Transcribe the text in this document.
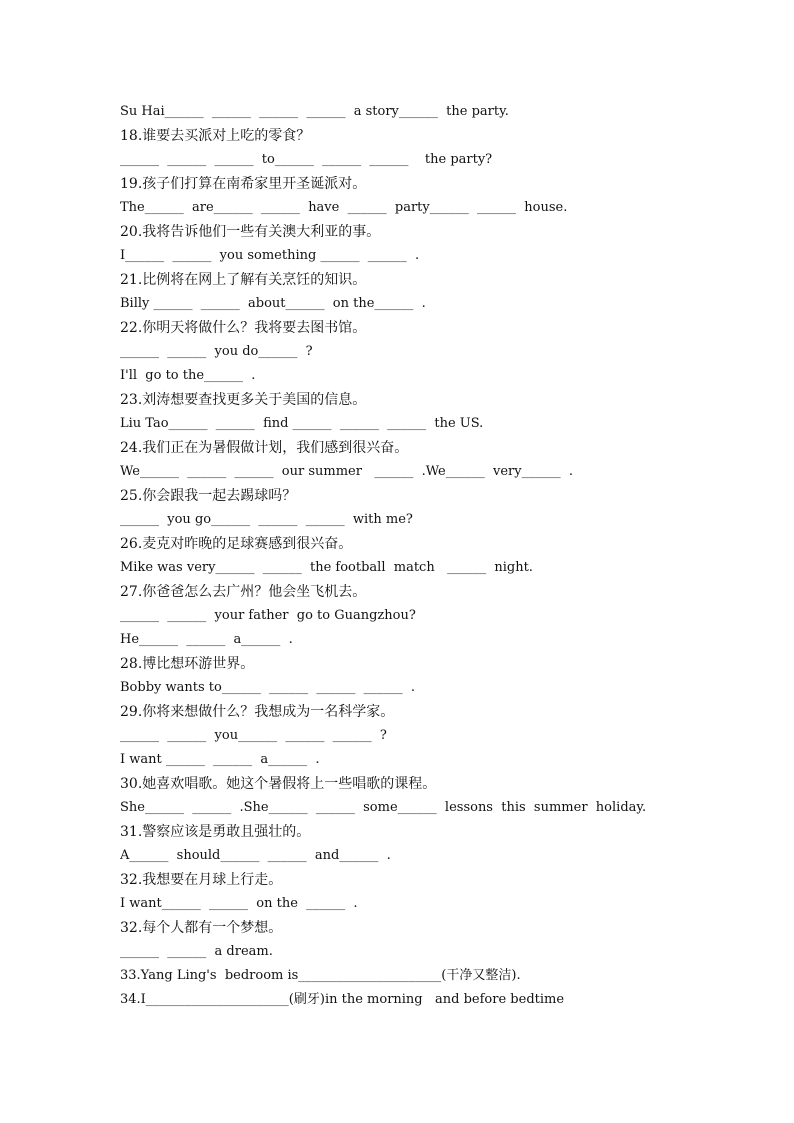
Su Hai______  ______  ______  ______  a story______  the party.
18.谁要去买派对上吃的零食？
______  ______  ______  to______  ______  ______    the party?
19.孩子们打算在南希家里开圣诞派对。
The______  are______  ______  have  ______  party______  ______  house.
20.我将告诉他们一些有关澳大利亚的事。
I______  ______  you something ______  ______  .
21.比例将在网上了解有关烹饪的知识。
Billy ______  ______  about______  on the______  .
22.你明天将做什么？我将要去图书馆。
______  ______  you do______  ?
I'll  go to the______  .
23.刘涛想要查找更多关于美国的信息。
Liu Tao______  ______  find ______  ______  ______  the US.
24.我们正在为暑假做计划，我们感到很兴奋。
We______  ______  ______  our summer   ______  .We______  very______  .
25.你会跟我一起去踢球吗？
______  you go______  ______  ______  with me?
26.麦克对昨晚的足球赛感到很兴奋。
Mike was very______  ______  the football  match   ______  night.
27.你爸爸怎么去广州？他会坐飞机去。
______  ______  your father  go to Guangzhou?
He______  ______  a______  .
28.博比想环游世界。
Bobby wants to______  ______  ______  ______  .
29.你将来想做什么？我想成为一名科学家。
______  ______  you______  ______  ______  ?
I want ______  ______  a______  .
30.她喜欢唱歌。她这个暑假将上一些唱歌的课程。
She______  ______  .She______  ______  some______  lessons  this  summer  holiday.
31.警察应该是勇敢且强壮的。
A______  should______  ______  and______  .
32.我想要在月球上行走。
I want______  ______  on the  ______  .
32.每个人都有一个梦想。
______  ______  a dream.
33.Yang Ling's  bedroom is______________________(干净又整洁).
34.I______________________(刷牙)in the morning   and before bedtime
